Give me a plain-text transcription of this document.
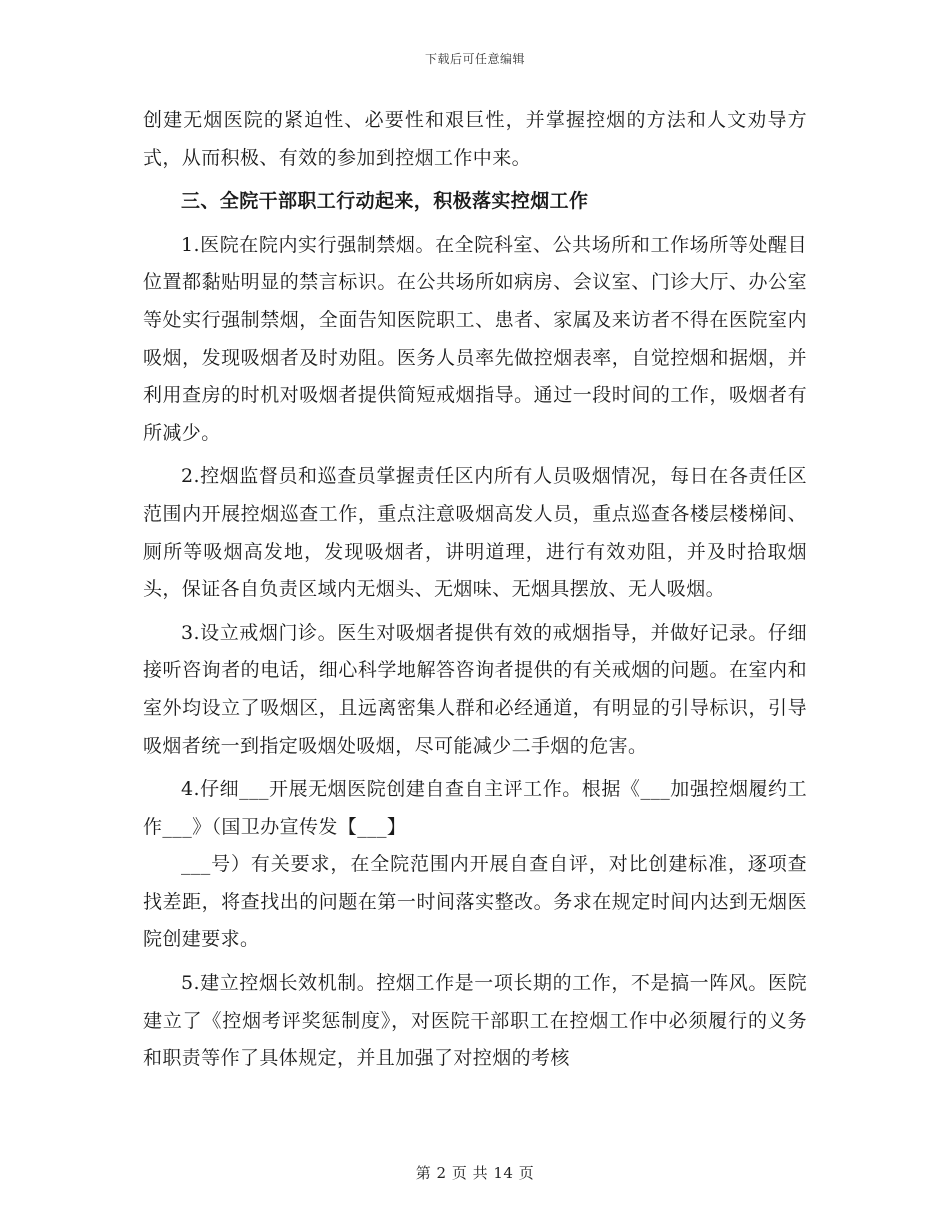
下载后可任意编辑

创建无烟医院的紧迫性、必要性和艰巨性，并掌握控烟的方法和人文劝导方式，从而积极、有效的参加到控烟工作中来。

三、全院干部职工行动起来，积极落实控烟工作

1.医院在院内实行强制禁烟。在全院科室、公共场所和工作场所等处醒目位置都黏贴明显的禁言标识。在公共场所如病房、会议室、门诊大厅、办公室等处实行强制禁烟，全面告知医院职工、患者、家属及来访者不得在医院室内吸烟，发现吸烟者及时劝阻。医务人员率先做控烟表率，自觉控烟和据烟，并利用查房的时机对吸烟者提供简短戒烟指导。通过一段时间的工作，吸烟者有所减少。

2.控烟监督员和巡查员掌握责任区内所有人员吸烟情况，每日在各责任区范围内开展控烟巡查工作，重点注意吸烟高发人员，重点巡查各楼层楼梯间、厕所等吸烟高发地，发现吸烟者，讲明道理，进行有效劝阻，并及时拾取烟头，保证各自负责区域内无烟头、无烟味、无烟具摆放、无人吸烟。

3.设立戒烟门诊。医生对吸烟者提供有效的戒烟指导，并做好记录。仔细接听咨询者的电话，细心科学地解答咨询者提供的有关戒烟的问题。在室内和室外均设立了吸烟区，且远离密集人群和必经通道，有明显的引导标识，引导吸烟者统一到指定吸烟处吸烟，尽可能减少二手烟的危害。

4.仔细___开展无烟医院创建自查自主评工作。根据《___加强控烟履约工作___》（国卫办宣传发【___】

___号）有关要求，在全院范围内开展自查自评，对比创建标准，逐项查找差距，将查找出的问题在第一时间落实整改。务求在规定时间内达到无烟医院创建要求。

5.建立控烟长效机制。控烟工作是一项长期的工作，不是搞一阵风。医院建立了《控烟考评奖惩制度》，对医院干部职工在控烟工作中必须履行的义务和职责等作了具体规定，并且加强了对控烟的考核

第 2 页 共 14 页
